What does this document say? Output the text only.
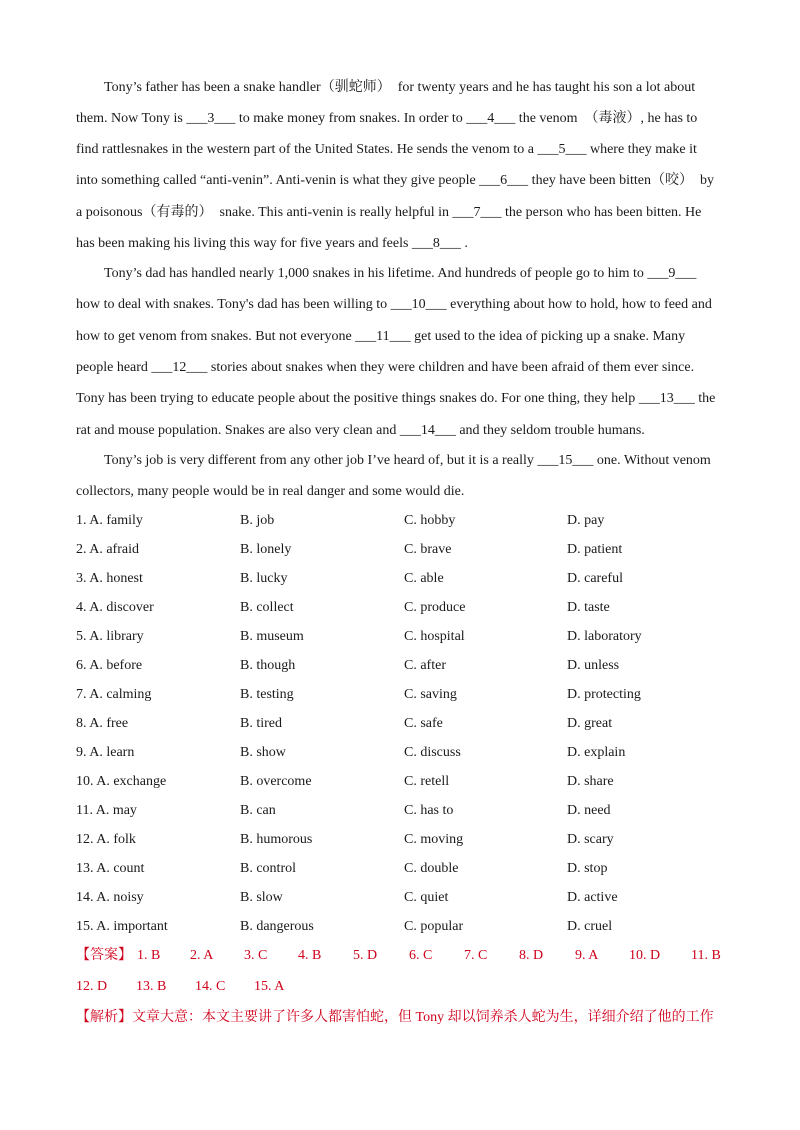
Tony’s father has been a snake handler（驯蛇师）  for twenty years and he has taught his son a lot about
them. Now Tony is ___3___ to make money from snakes. In order to ___4___ the venom  （毒液）, he has to
find rattlesnakes in the western part of the United States. He sends the venom to a ___5___ where they make it
into something called “anti-venin”. Anti-venin is what they give people ___6___ they have been bitten（咬）  by
a poisonous（有毒的）  snake. This anti-venin is really helpful in ___7___ the person who has been bitten. He
has been making his living this way for five years and feels ___8___ .
Tony’s dad has handled nearly 1,000 snakes in his lifetime. And hundreds of people go to him to ___9___
how to deal with snakes. Tony's dad has been willing to ___10___ everything about how to hold, how to feed and
how to get venom from snakes. But not everyone ___11___ get used to the idea of picking up a snake. Many
people heard ___12___ stories about snakes when they were children and have been afraid of them ever since.
Tony has been trying to educate people about the positive things snakes do. For one thing, they help ___13___ the
rat and mouse population. Snakes are also very clean and ___14___ and they seldom trouble humans.
Tony’s job is very different from any other job I’ve heard of, but it is a really ___15___ one. Without venom
collectors, many people would be in real danger and some would die.
1. A. family	B. job	C. hobby	D. pay
2. A. afraid	B. lonely	C. brave	D. patient
3. A. honest	B. lucky	C. able	D. careful
4. A. discover	B. collect	C. produce	D. taste
5. A. library	B. museum	C. hospital	D. laboratory
6. A. before	B. though	C. after	D. unless
7. A. calming	B. testing	C. saving	D. protecting
8. A. free	B. tired	C. safe	D. great
9. A. learn	B. show	C. discuss	D. explain
10. A. exchange	B. overcome	C. retell	D. share
11. A. may	B. can	C. has to	D. need
12. A. folk	B. humorous	C. moving	D. scary
13. A. count	B. control	C. double	D. stop
14. A. noisy	B. slow	C. quiet	D. active
15. A. important	B. dangerous	C. popular	D. cruel
【答案】 1. B 2. A 3. C 4. B 5. D 6. C 7. C 8. D 9. A 10. D 11. B
12. D 13. B 14. C 15. A
【解析】文章大意：本文主要讲了许多人都害怕蛇，但 Tony 却以饲养杀人蛇为生，详细介绍了他的工作
